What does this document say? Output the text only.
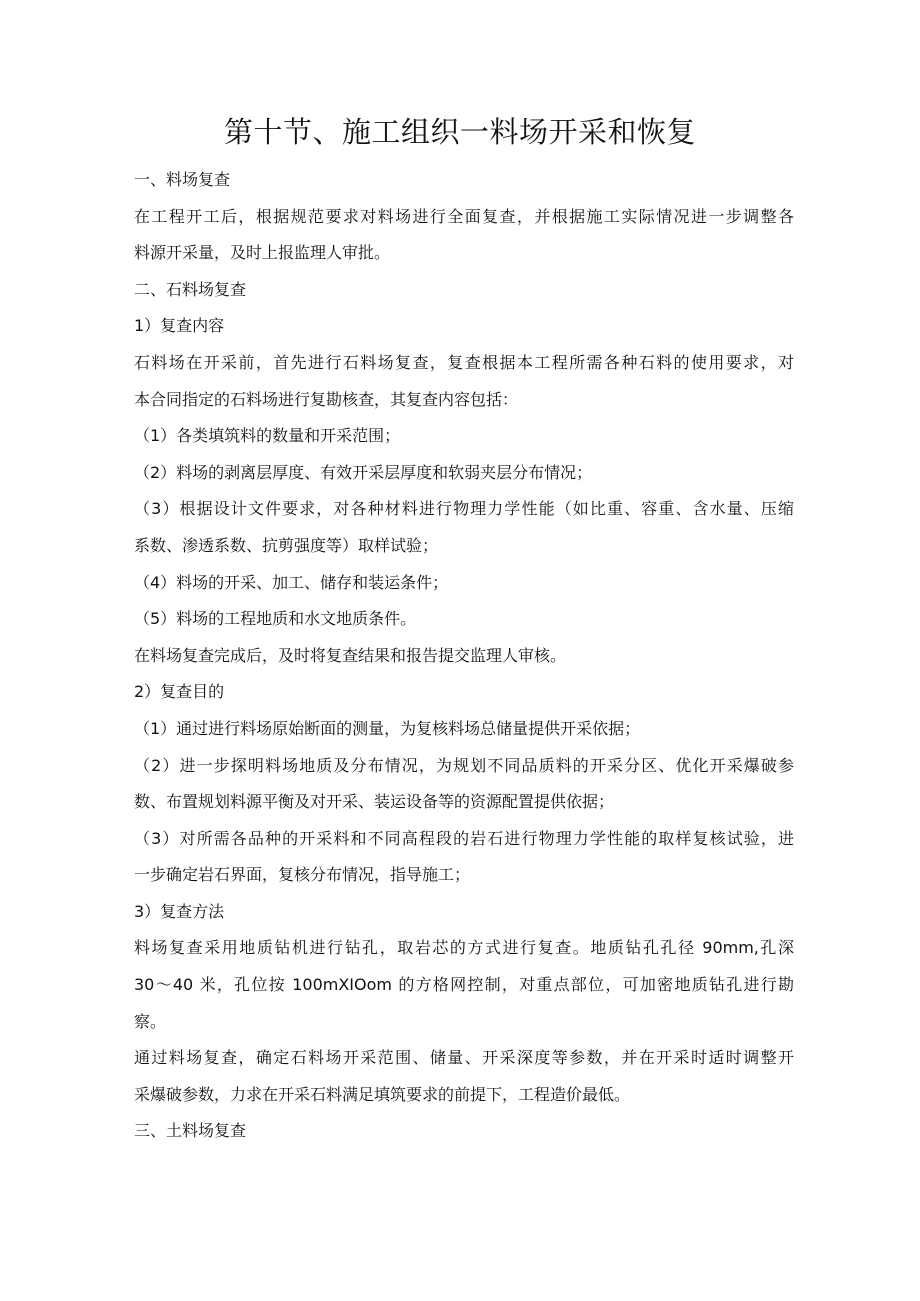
第十节、施工组织一料场开采和恢复

一、料场复查

在工程开工后，根据规范要求对料场进行全面复查，并根据施工实际情况进一步调整各

料源开采量，及时上报监理人审批。

二、石料场复查

1）复查内容

石料场在开采前，首先进行石料场复查，复查根据本工程所需各种石料的使用要求，对

本合同指定的石料场进行复勘核查，其复查内容包括：

（1）各类填筑料的数量和开采范围；

（2）料场的剥离层厚度、有效开采层厚度和软弱夹层分布情况；

（3）根据设计文件要求，对各种材料进行物理力学性能（如比重、容重、含水量、压缩

系数、渗透系数、抗剪强度等）取样试验；

（4）料场的开采、加工、储存和装运条件；

（5）料场的工程地质和水文地质条件。

在料场复查完成后，及时将复查结果和报告提交监理人审核。

2）复查目的

（1）通过进行料场原始断面的测量，为复核料场总储量提供开采依据；

（2）进一步探明料场地质及分布情况，为规划不同品质料的开采分区、优化开采爆破参

数、布置规划料源平衡及对开采、装运设备等的资源配置提供依据；

（3）对所需各品种的开采料和不同高程段的岩石进行物理力学性能的取样复核试验，进

一步确定岩石界面，复核分布情况，指导施工；

3）复查方法

料场复查采用地质钻机进行钻孔，取岩芯的方式进行复查。地质钻孔孔径 90mm,孔深

30〜40 米，孔位按 100mXIOom 的方格网控制，对重点部位，可加密地质钻孔进行勘

察。

通过料场复查，确定石料场开采范围、储量、开采深度等参数，并在开采时适时调整开

采爆破参数，力求在开采石料满足填筑要求的前提下，工程造价最低。

三、土料场复查
